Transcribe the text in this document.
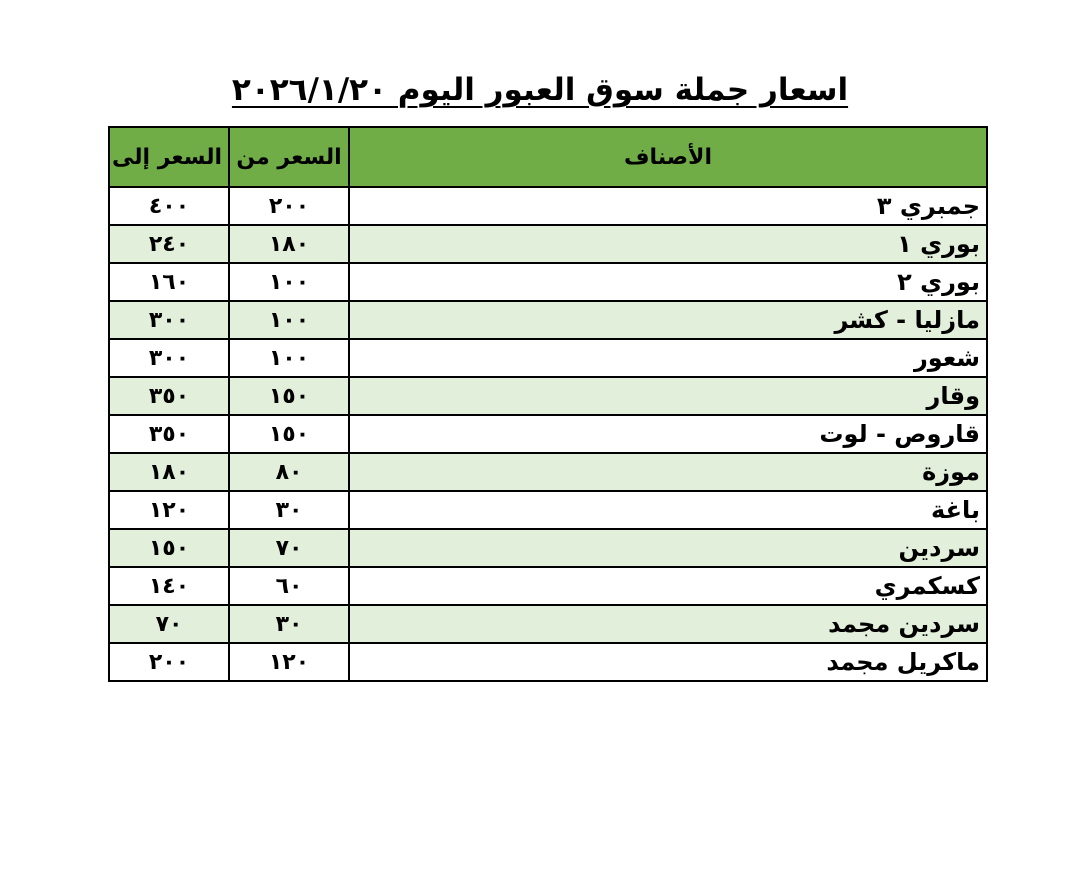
اسعار جملة سوق العبور اليوم ٢٠٢٦/١/٢٠
الأصناف	السعر من	السعر إلى
جمبري ٣	٢٠٠	٤٠٠
بوري ١	١٨٠	٢٤٠
بوري ٢	١٠٠	١٦٠
مازليا - كشر	١٠٠	٣٠٠
شعور	١٠٠	٣٠٠
وقار	١٥٠	٣٥٠
قاروص - لوت	١٥٠	٣٥٠
موزة	٨٠	١٨٠
باغة	٣٠	١٢٠
سردين	٧٠	١٥٠
كسكمري	٦٠	١٤٠
سردين مجمد	٣٠	٧٠
ماكريل مجمد	١٢٠	٢٠٠
